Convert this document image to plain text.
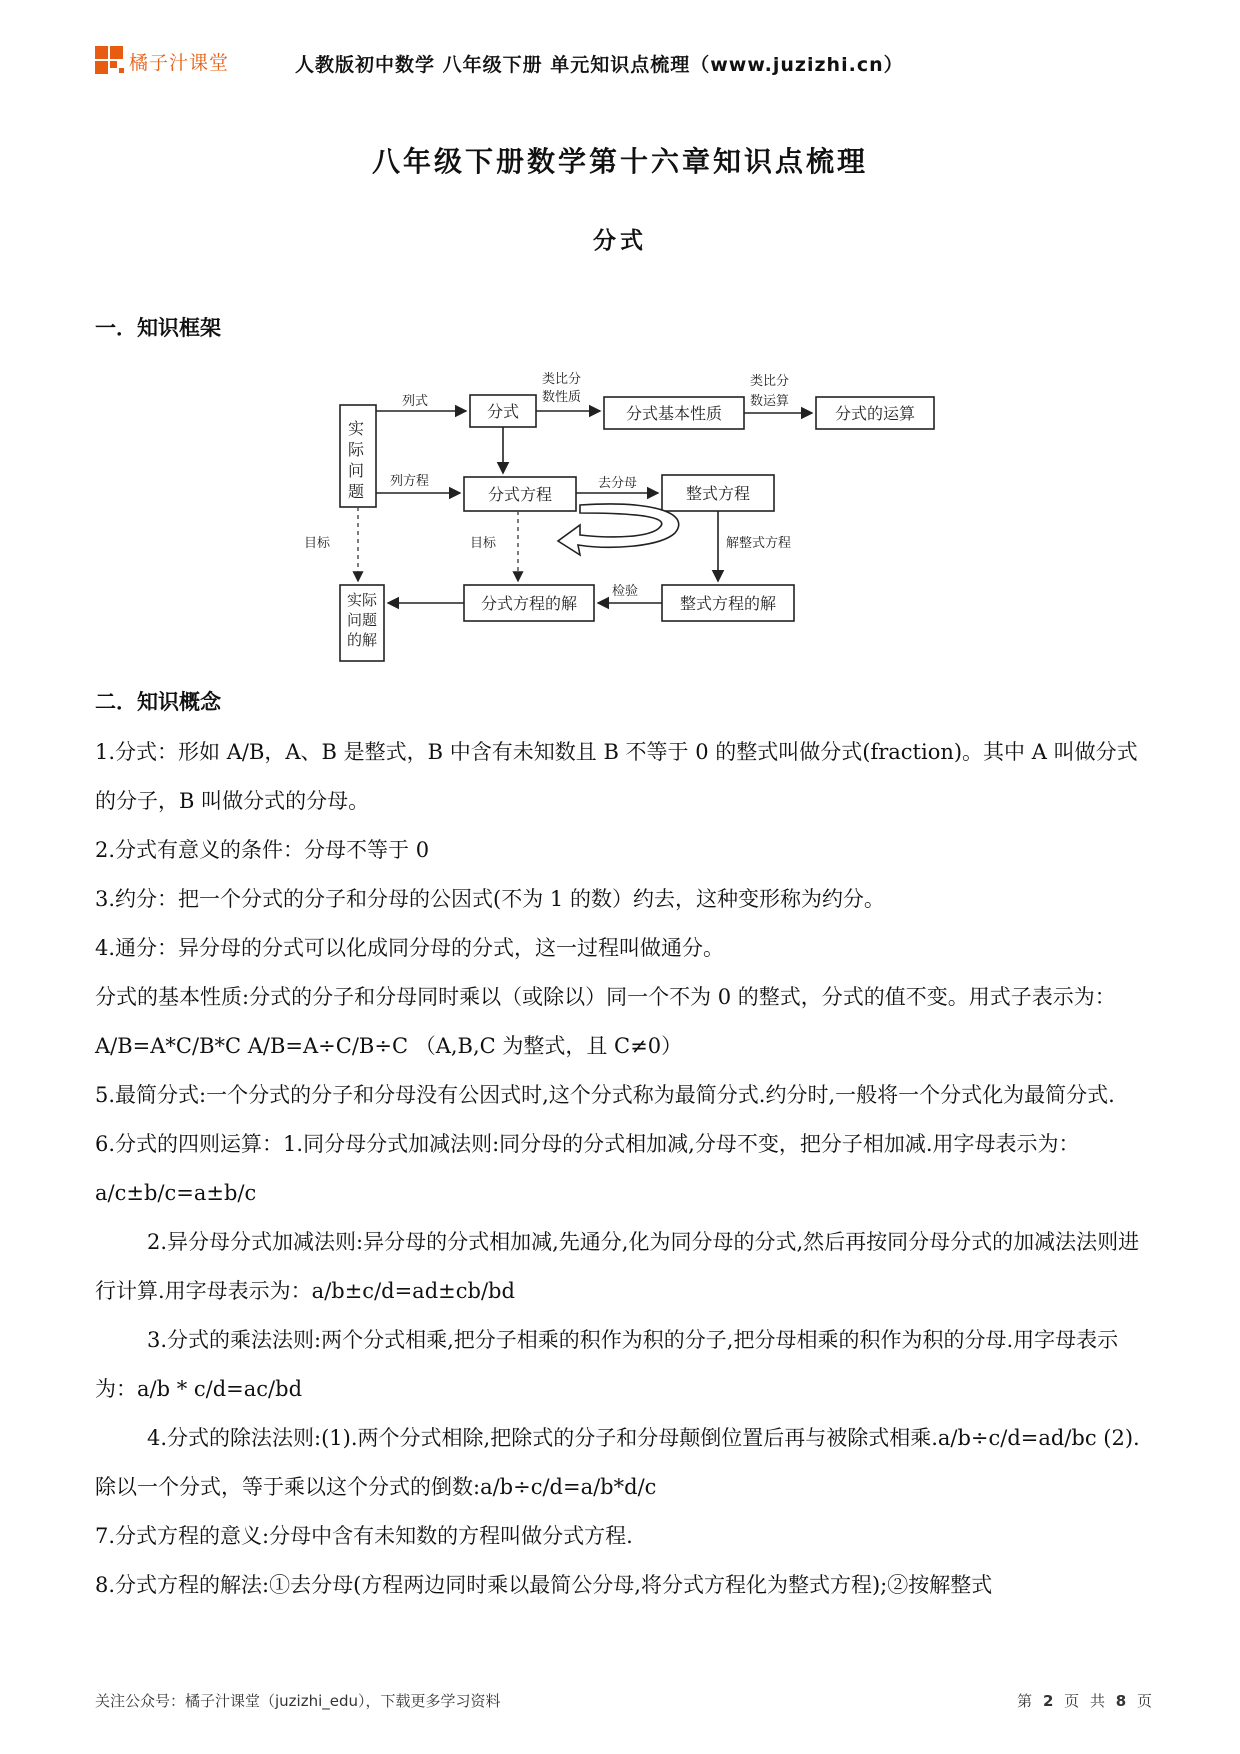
橘子汁课堂	人教版初中数学 八年级下册 单元知识点梳理（www.juzizhi.cn）
八年级下册数学第十六章知识点梳理
分式
一．知识框架
实
际
问
题
分式	分式基本性质	分式的运算
分式方程	整式方程
整式方程的解
分式方程的解
实际
问题
的解
列式
类比分
数性质
类比分
数运算
列方程	去分母
目标	目标	解整式方程
检验
二．知识概念

1.分式：形如 A/B，A、B 是整式，B 中含有未知数且 B 不等于 0 的整式叫做分式(fraction)。其中 A 叫做分式的分子，B 叫做分式的分母。

2.分式有意义的条件：分母不等于 0

3.约分：把一个分式的分子和分母的公因式(不为 1 的数）约去，这种变形称为约分。

4.通分：异分母的分式可以化成同分母的分式，这一过程叫做通分。

分式的基本性质:分式的分子和分母同时乘以（或除以）同一个不为 0 的整式，分式的值不变。用式子表示为：A/B=A*C/B*C A/B=A÷C/B÷C （A,B,C 为整式，且 C≠0）

5.最简分式:一个分式的分子和分母没有公因式时,这个分式称为最简分式.约分时,一般将一个分式化为最简分式.

6.分式的四则运算：1.同分母分式加减法则:同分母的分式相加减,分母不变，把分子相加减.用字母表示为：a/c±b/c=a±b/c

2.异分母分式加减法则:异分母的分式相加减,先通分,化为同分母的分式,然后再按同分母分式的加减法法则进行计算.用字母表示为：a/b±c/d=ad±cb/bd

3.分式的乘法法则:两个分式相乘,把分子相乘的积作为积的分子,把分母相乘的积作为积的分母.用字母表示为：a/b * c/d=ac/bd

4.分式的除法法则:(1).两个分式相除,把除式的分子和分母颠倒位置后再与被除式相乘.a/b÷c/d=ad/bc (2).除以一个分式，等于乘以这个分式的倒数:a/b÷c/d=a/b*d/c

7.分式方程的意义:分母中含有未知数的方程叫做分式方程.

8.分式方程的解法:①去分母(方程两边同时乘以最简公分母,将分式方程化为整式方程);②按解整式

关注公众号：橘子汁课堂（juzizhi_edu），下载更多学习资料	第 2 页 共 8 页
